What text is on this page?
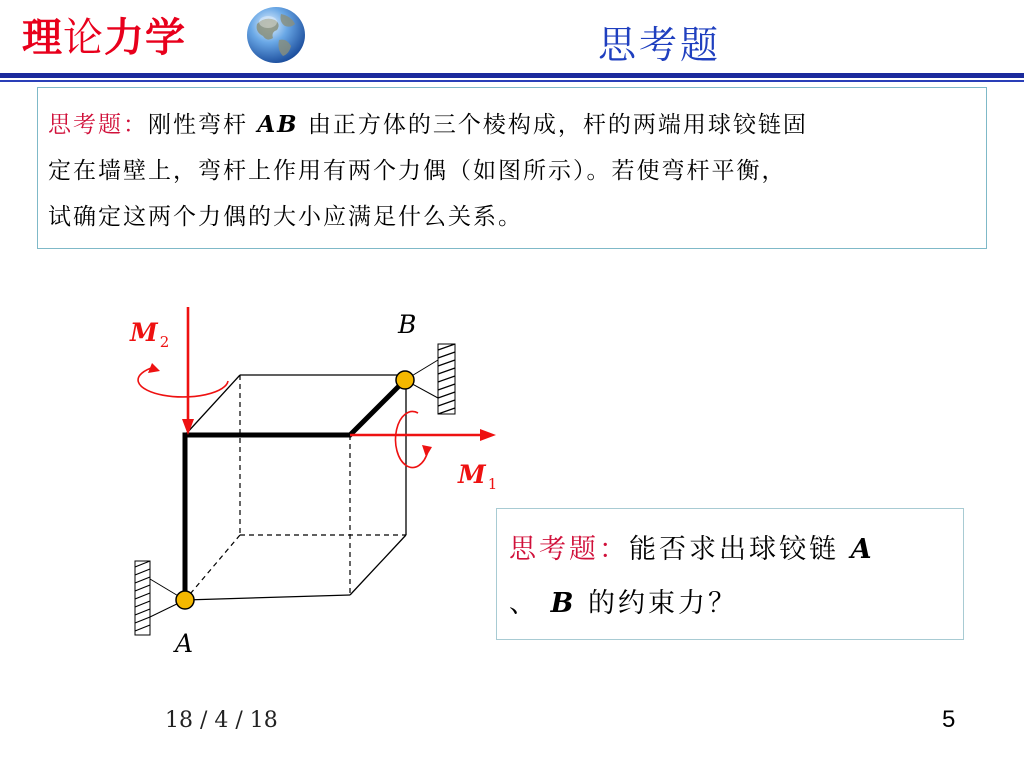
理论力学	思考题
思考题：刚性弯杆 AB 由正方体的三个棱构成，杆的两端用球铰链固
定在墙壁上，弯杆上作用有两个力偶（如图所示）。若使弯杆平衡，
试确定这两个力偶的大小应满足什么关系。
M $_2$
M $_1$
B
A
思考题：能否求出球铰链 A
、 B 的约束力？
18 / 4 / 18	5
